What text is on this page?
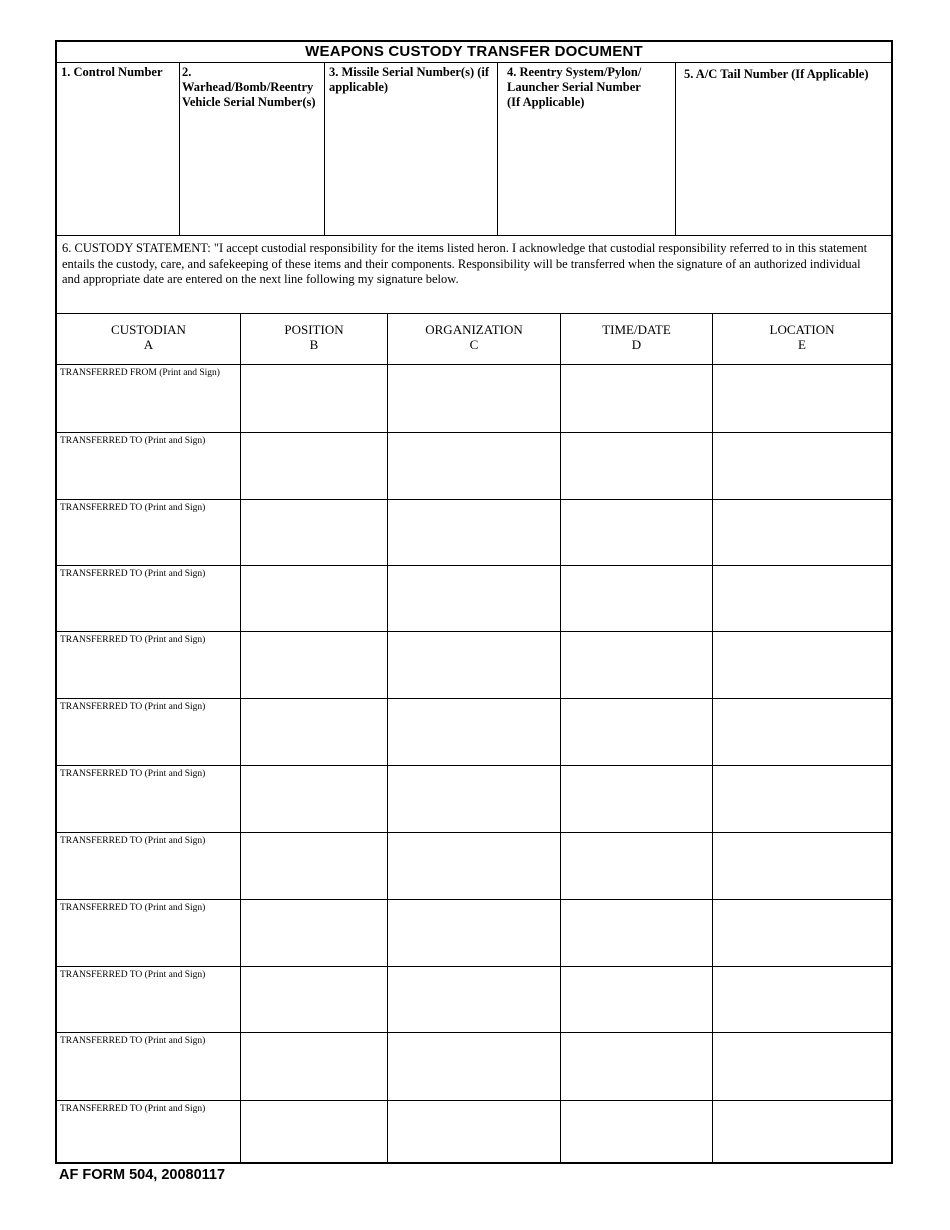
WEAPONS CUSTODY TRANSFER DOCUMENT
1. Control Number	2. Warhead/Bomb/Reentry Vehicle Serial Number(s)
3. Missile Serial Number(s) (if applicable)
4. Reentry System/Pylon/ Launcher Serial Number (If Applicable)
5. A/C Tail Number (If Applicable)
6. CUSTODY STATEMENT: "I accept custodial responsibility for the items listed heron. I acknowledge that custodial responsibility referred to in this statement entails the custody, care, and safekeeping of these items and their components. Responsibility will be transferred when the signature of an authorized individual and appropriate date are entered on the next line following my signature below.
CUSTODIAN
A
POSITION
B
ORGANIZATION
C
TIME/DATE
D
LOCATION
E
TRANSFERRED FROM (Print and Sign)
TRANSFERRED TO (Print and Sign)
TRANSFERRED TO (Print and Sign)
TRANSFERRED TO (Print and Sign)
TRANSFERRED TO (Print and Sign)
TRANSFERRED TO (Print and Sign)
TRANSFERRED TO (Print and Sign)
TRANSFERRED TO (Print and Sign)
TRANSFERRED TO (Print and Sign)
TRANSFERRED TO (Print and Sign)
TRANSFERRED TO (Print and Sign)
TRANSFERRED TO (Print and Sign)
AF FORM 504, 20080117
